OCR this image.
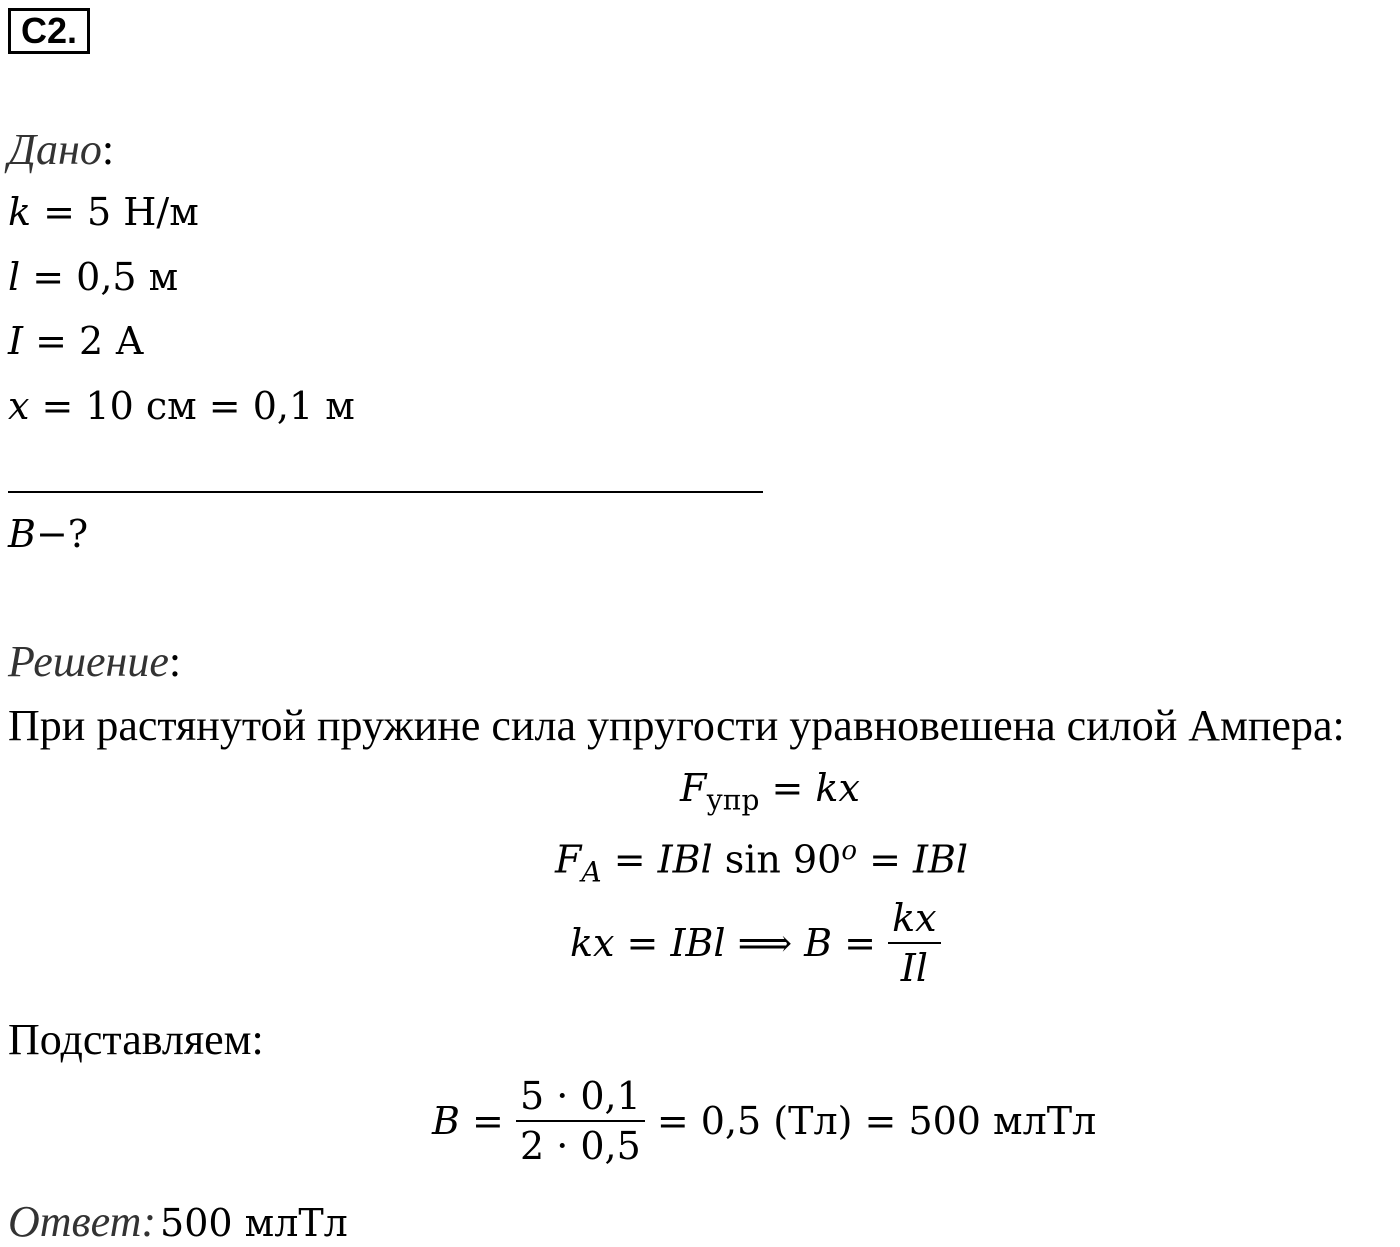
C2.
Дано:
k = 5 Н/м
l = 0,5 м
I = 2 А
x = 10 см = 0,1 м
B−?
Решение:
При растянутой пружине сила упругости уравновешена силой Ампера:
$F_{упр}$ = kx
$F_A$ = IBl $\sin 90^o$ = IBl
kx = IBl ⟹ $B = \frac{kx}{Il}$
Подставляем:
$B = \frac{5 \cdot 0,1}{2 \cdot 0,5} = 0,5$ (Тл) = 500 млТл
Ответ: 500 млТл
